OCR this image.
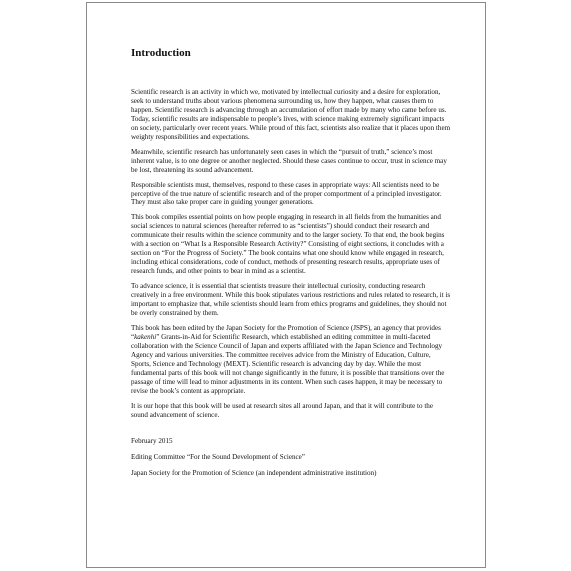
Introduction

Scientific research is an activity in which we, motivated by intellectual curiosity and a desire for exploration, seek to understand truths about various phenomena surrounding us, how they happen, what causes them to happen. Scientific research is advancing through an accumulation of effort made by many who came before us. Today, scientific results are indispensable to people’s lives, with science making extremely significant impacts on society, particularly over recent years. While proud of this fact, scientists also realize that it places upon them weighty responsibilities and expectations.

Meanwhile, scientific research has unfortunately seen cases in which the “pursuit of truth,” science’s most inherent value, is to one degree or another neglected. Should these cases continue to occur, trust in science may be lost, threatening its sound advancement.

Responsible scientists must, themselves, respond to these cases in appropriate ways: All scientists need to be perceptive of the true nature of scientific research and of the proper comportment of a principled investigator. They must also take proper care in guiding younger generations.

This book compiles essential points on how people engaging in research in all fields from the humanities and social sciences to natural sciences (hereafter referred to as “scientists”) should conduct their research and communicate their results within the science community and to the larger society. To that end, the book begins with a section on “What Is a Responsible Research Activity?” Consisting of eight sections, it concludes with a section on “For the Progress of Society.” The book contains what one should know while engaged in research, including ethical considerations, code of conduct, methods of presenting research results, appropriate uses of research funds, and other points to bear in mind as a scientist.

To advance science, it is essential that scientists treasure their intellectual curiosity, conducting research creatively in a free environment. While this book stipulates various restrictions and rules related to research, it is important to emphasize that, while scientists should learn from ethics programs and guidelines, they should not be overly constrained by them.

This book has been edited by the Japan Society for the Promotion of Science (JSPS), an agency that provides “kakenhi” Grants-in-Aid for Scientific Research, which established an editing committee in multi-faceted collaboration with the Science Council of Japan and experts affiliated with the Japan Science and Technology Agency and various universities. The committee receives advice from the Ministry of Education, Culture, Sports, Science and Technology (MEXT). Scientific research is advancing day by day. While the most fundamental parts of this book will not change significantly in the future, it is possible that transitions over the passage of time will lead to minor adjustments in its content. When such cases happen, it may be necessary to revise the book’s content as appropriate.

It is our hope that this book will be used at research sites all around Japan, and that it will contribute to the sound advancement of science.

February 2015

Editing Committee “For the Sound Development of Science”

Japan Society for the Promotion of Science (an independent administrative institution)
